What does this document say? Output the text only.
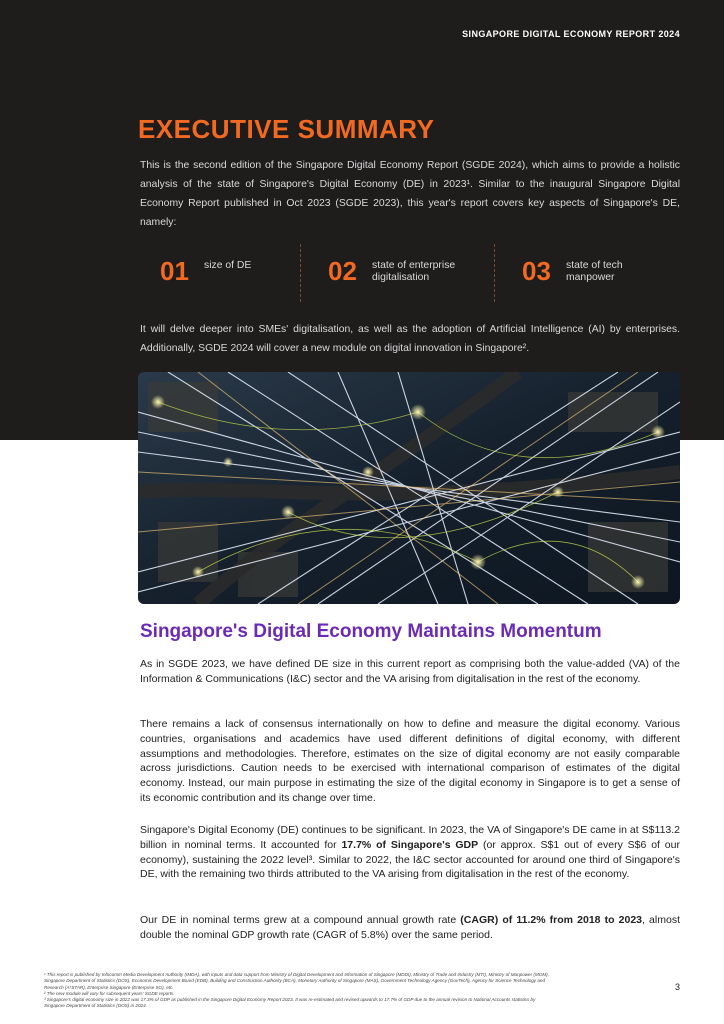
SINGAPORE DIGITAL ECONOMY REPORT 2024
EXECUTIVE SUMMARY

This is the second edition of the Singapore Digital Economy Report (SGDE 2024), which aims to provide a holistic analysis of the state of Singapore's Digital Economy (DE) in 2023¹. Similar to the inaugural Singapore Digital Economy Report published in Oct 2023 (SGDE 2023), this year's report covers key aspects of Singapore's DE, namely:

01 size of DE	02 state of enterprise digitalisation	03 state of tech manpower

It will delve deeper into SMEs' digitalisation, as well as the adoption of Artificial Intelligence (AI) by enterprises. Additionally, SGDE 2024 will cover a new module on digital innovation in Singapore².

Singapore's Digital Economy Maintains Momentum

As in SGDE 2023, we have defined DE size in this current report as comprising both the value-added (VA) of the Information & Communications (I&C) sector and the VA arising from digitalisation in the rest of the economy.

There remains a lack of consensus internationally on how to define and measure the digital economy. Various countries, organisations and academics have used different definitions of digital economy, with different assumptions and methodologies. Therefore, estimates on the size of digital economy are not easily comparable across jurisdictions. Caution needs to be exercised with international comparison of estimates of the digital economy. Instead, our main purpose in estimating the size of the digital economy in Singapore is to get a sense of its economic contribution and its change over time.

Singapore's Digital Economy (DE) continues to be significant. In 2023, the VA of Singapore's DE came in at S$113.2 billion in nominal terms. It accounted for 17.7% of Singapore's GDP (or approx. S$1 out of every S$6 of our economy), sustaining the 2022 level³. Similar to 2022, the I&C sector accounted for around one third of Singapore's DE, with the remaining two thirds attributed to the VA arising from digitalisation in the rest of the economy.

Our DE in nominal terms grew at a compound annual growth rate (CAGR) of 11.2% from 2018 to 2023, almost double the nominal GDP growth rate (CAGR of 5.8%) over the same period.

¹ This report is published by Infocomm Media Development Authority (IMDA), with inputs and data support from Ministry of Digital Development and Information of Singapore (MDDI), Ministry of Trade and Industry (MTI), Ministry of Manpower (MOM),
Singapore Department of Statistics (DOS), Economic Development Board (EDB), Building and Construction Authority (BCA), Monetary Authority of Singapore (MAS), Government Technology Agency (GovTech), Agency for Science Technology and
Research (A*STAR), Enterprise Singapore (Enterprise SG), etc.
² The new module will vary for subsequent years' SGDE reports.
³ Singapore's digital economy size in 2022 was 17.3% of GDP as published in the Singapore Digital Economy Report 2023. It was re-estimated and revised upwards to 17.7% of GDP due to the annual revision to National Accounts statistics by
Singapore Department of Statistics (DOS) in 2024.
3
